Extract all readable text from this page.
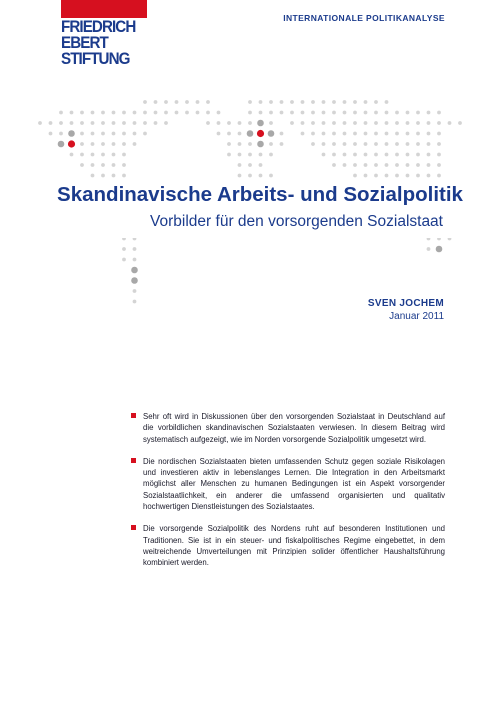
FRIEDRICH
EBERT
STIFTUNG
INTERNATIONALE POLITIKANALYSE
Skandinavische Arbeits- und Sozialpolitik
Vorbilder für den vorsorgenden Sozialstaat
SVEN JOCHEM
Januar 2011
Sehr oft wird in Diskussionen über den vorsorgenden Sozialstaat in Deutschland auf die vorbildlichen skandinavischen Sozialstaaten verwiesen. In diesem Beitrag wird systematisch aufgezeigt, wie im Norden vorsorgende Sozialpolitik umgesetzt wird.
Die nordischen Sozialstaaten bieten umfassenden Schutz gegen soziale Risikolagen und investieren aktiv in lebenslanges Lernen. Die Integration in den Arbeitsmarkt möglichst aller Menschen zu humanen Bedingungen ist ein Aspekt vorsorgender Sozialstaatlichkeit, ein anderer die umfassend organisierten und qualitativ hochwertigen Dienstleistungen des Sozialstaates.
Die vorsorgende Sozialpolitik des Nordens ruht auf besonderen Institutionen und Traditionen. Sie ist in ein steuer- und fiskalpolitisches Regime eingebettet, in dem weitreichende Umverteilungen mit Prinzipien solider öffentlicher Haushaltsführung kombiniert werden.
